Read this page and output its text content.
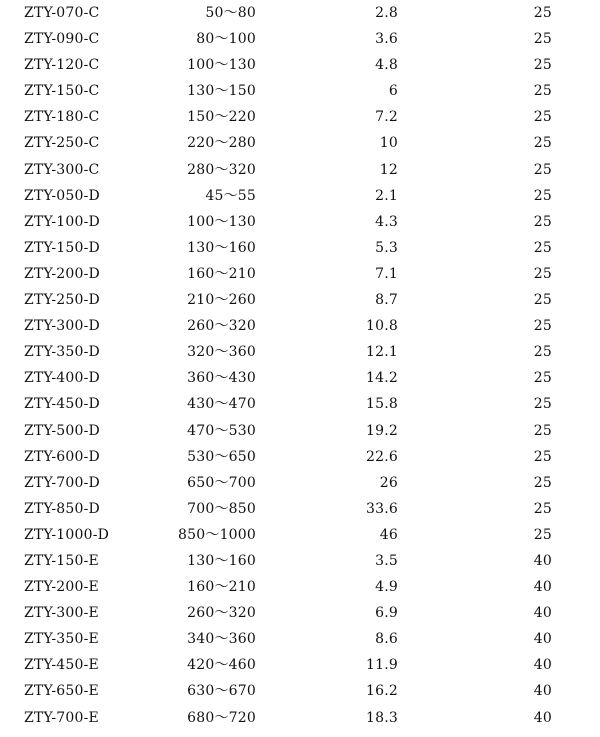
ZTY-070-C	50～80	2.8	25
ZTY-090-C	80～100	3.6	25
ZTY-120-C	100～130	4.8	25
ZTY-150-C	130～150	6	25
ZTY-180-C	150～220	7.2	25
ZTY-250-C	220～280	10	25
ZTY-300-C	280～320	12	25
ZTY-050-D	45～55	2.1	25
ZTY-100-D	100～130	4.3	25
ZTY-150-D	130～160	5.3	25
ZTY-200-D	160～210	7.1	25
ZTY-250-D	210～260	8.7	25
ZTY-300-D	260～320	10.8	25
ZTY-350-D	320～360	12.1	25
ZTY-400-D	360～430	14.2	25
ZTY-450-D	430～470	15.8	25
ZTY-500-D	470～530	19.2	25
ZTY-600-D	530～650	22.6	25
ZTY-700-D	650～700	26	25
ZTY-850-D	700～850	33.6	25
ZTY-1000-D	850～1000	46	25
ZTY-150-E	130～160	3.5	40
ZTY-200-E	160～210	4.9	40
ZTY-300-E	260～320	6.9	40
ZTY-350-E	340～360	8.6	40
ZTY-450-E	420～460	11.9	40
ZTY-650-E	630～670	16.2	40
ZTY-700-E	680～720	18.3	40
